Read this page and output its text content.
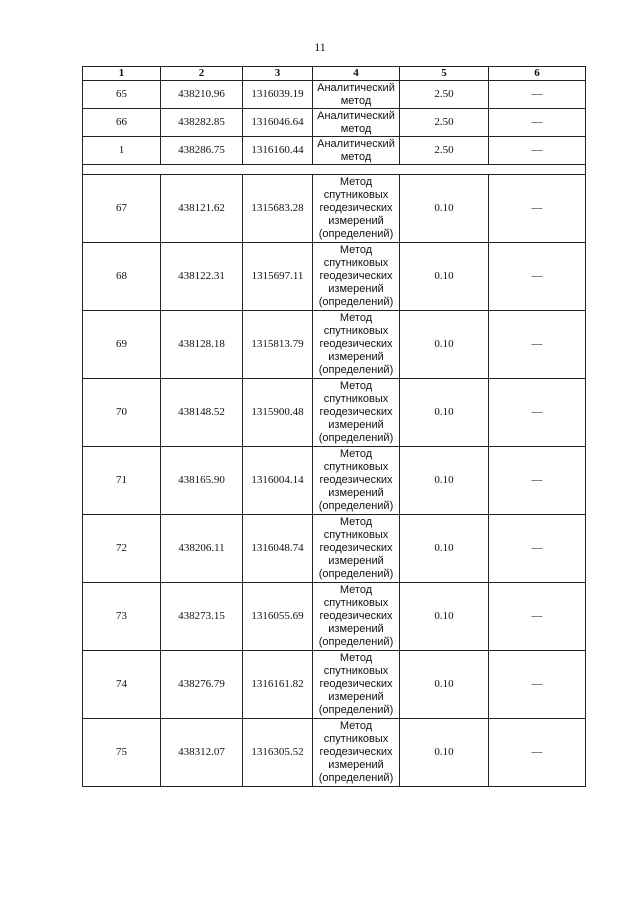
11
1	2	3	4	5	6
65	438210.96	1316039.19	Аналитический метод	2.50	—
66	438282.85	1316046.64	Аналитический метод	2.50	—
1	438286.75	1316160.44	Аналитический метод	2.50	—

67	438121.62	1315683.28	Метод спутниковых геодезических измерений (определений)	0.10	—
68	438122.31	1315697.11	Метод спутниковых геодезических измерений (определений)	0.10	—
69	438128.18	1315813.79	Метод спутниковых геодезических измерений (определений)	0.10	—
70	438148.52	1315900.48	Метод спутниковых геодезических измерений (определений)	0.10	—
71	438165.90	1316004.14	Метод спутниковых геодезических измерений (определений)	0.10	—
72	438206.11	1316048.74	Метод спутниковых геодезических измерений (определений)	0.10	—
73	438273.15	1316055.69	Метод спутниковых геодезических измерений (определений)	0.10	—
74	438276.79	1316161.82	Метод спутниковых геодезических измерений (определений)	0.10	—
75	438312.07	1316305.52	Метод спутниковых геодезических измерений (определений)	0.10	—
